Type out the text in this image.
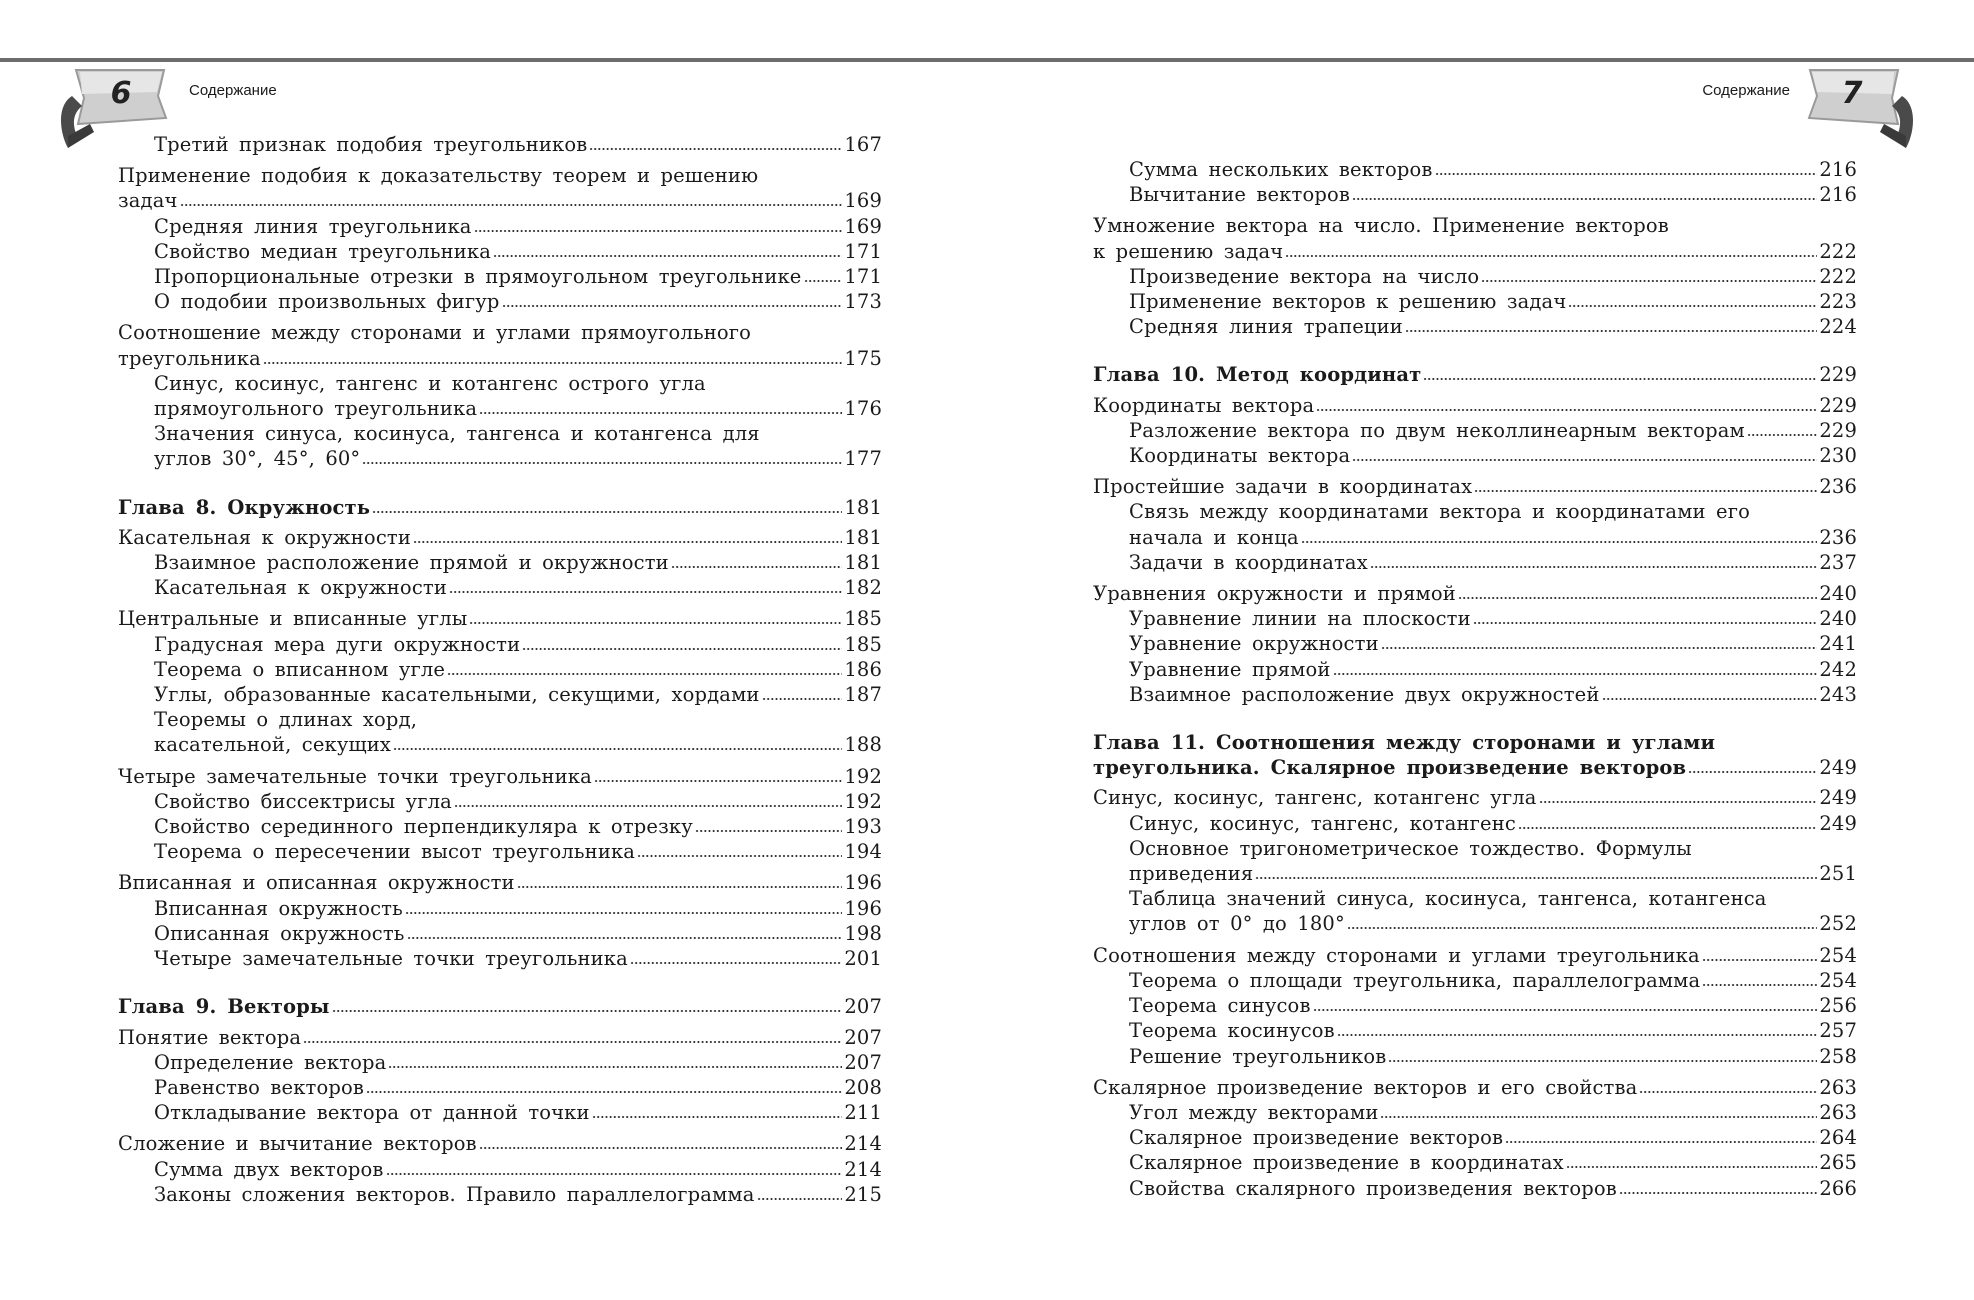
6	Содержание	7
Содержание
Третий признак подобия треугольников	167
Применение подобия к доказательству теорем и решению
задач	169
Средняя линия треугольника	169
Свойство медиан треугольника	171
Пропорциональные отрезки в прямоугольном треугольнике 171
О подобии произвольных фигур	173
Соотношение между сторонами и углами прямоугольного
треугольника	175
Синус, косинус, тангенс и котангенс острого угла
прямоугольного треугольника	176
Значения синуса, косинуса, тангенса и котангенса для
углов 30°, 45°, 60°	177
Глава 8. Окружность	181
Касательная к окружности	181
Взаимное расположение прямой и окружности	181
Касательная к окружности	182
Центральные и вписанные углы	185
Градусная мера дуги окружности	185
Теорема о вписанном угле	186
Углы, образованные касательными, секущими, хордами	187
Теоремы о длинах хорд,
касательной, секущих	188
Четыре замечательные точки треугольника	192
Свойство биссектрисы угла	192
Свойство серединного перпендикуляра к отрезку	193
Теорема о пересечении высот треугольника	194
Вписанная и описанная окружности	196
Вписанная окружность	196
Описанная окружность	198
Четыре замечательные точки треугольника	201
Глава 9. Векторы	207
Понятие вектора	207
Определение вектора	207
Равенство векторов	208
Откладывание вектора от данной точки	211
Сложение и вычитание векторов	214
Сумма двух векторов	214
Законы сложения векторов. Правило параллелограмма	215
Сумма нескольких векторов	216
Вычитание векторов	216
Умножение вектора на число. Применение векторов
к решению задач	222
Произведение вектора на число	222
Применение векторов к решению задач	223
Средняя линия трапеции	224
Глава 10. Метод координат	229
Координаты вектора	229
Разложение вектора по двум неколлинеарным векторам	229
Координаты вектора	230
Простейшие задачи в координатах	236
Связь между координатами вектора и координатами его
начала и конца	236
Задачи в координатах	237
Уравнения окружности и прямой	240
Уравнение линии на плоскости	240
Уравнение окружности	241
Уравнение прямой	242
Взаимное расположение двух окружностей	243
Глава 11. Соотношения между сторонами и углами
треугольника. Скалярное произведение векторов	249
Синус, косинус, тангенс, котангенс угла	249
Синус, косинус, тангенс, котангенс	249
Основное тригонометрическое тождество. Формулы
приведения	251
Таблица значений синуса, косинуса, тангенса, котангенса
углов от 0° до 180°	252
Соотношения между сторонами и углами треугольника	254
Теорема о площади треугольника, параллелограмма	254
Теорема синусов	256
Теорема косинусов	257
Решение треугольников	258
Скалярное произведение векторов и его свойства	263
Угол между векторами	263
Скалярное произведение векторов	264
Скалярное произведение в координатах	265
Свойства скалярного произведения векторов	266
